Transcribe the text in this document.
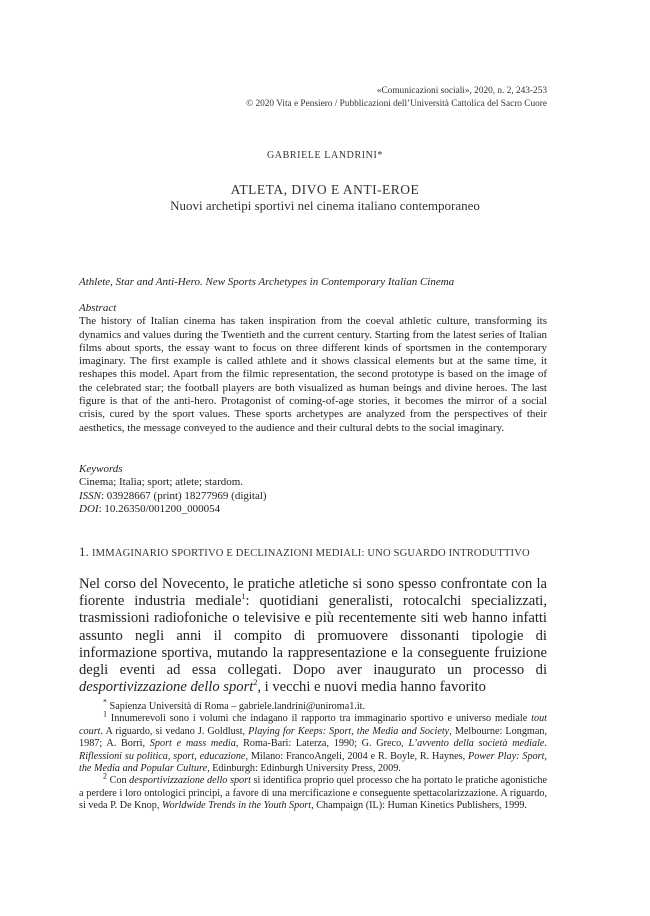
«Comunicazioni sociali», 2020, n. 2, 243-253
© 2020 Vita e Pensiero / Pubblicazioni dell’Università Cattolica del Sacro Cuore
GABRIELE LANDRINI*
ATLETA, DIVO E ANTI-EROE
Nuovi archetipi sportivi nel cinema italiano contemporaneo
Athlete, Star and Anti-Hero. New Sports Archetypes in Contemporary Italian Cinema
Abstract
The history of Italian cinema has taken inspiration from the coeval athletic culture, transforming its dynamics and values during the Twentieth and the current century. Starting from the latest series of Italian films about sports, the essay want to focus on three different kinds of sportsmen in the contemporary imaginary. The first example is called athlete and it shows classical elements but at the same time, it reshapes this model. Apart from the filmic representation, the second prototype is based on the image of the celebrated star; the football players are both visualized as human beings and divine heroes. The last figure is that of the anti-hero. Protagonist of coming-of-age stories, it becomes the mirror of a social crisis, cured by the sport values. These sports archetypes are analyzed from the perspectives of their aesthetics, the message conveyed to the audience and their cultural debts to the social imaginary.
Keywords
Cinema; Italia; sport; atlete; stardom.
ISSN: 03928667 (print) 18277969 (digital)
DOI: 10.26350/001200_000054
1. IMMAGINARIO SPORTIVO E DECLINAZIONI MEDIALI: UNO SGUARDO INTRODUTTIVO
Nel corso del Novecento, le pratiche atletiche si sono spesso confrontate con la fiorente industria mediale$^1$: quotidiani generalisti, rotocalchi specializzati, trasmissioni radiofoniche o televisive e più recentemente siti web hanno infatti assunto negli anni il compito di promuovere dissonanti tipologie di informazione sportiva, mutando la rappresentazione e la conseguente fruizione degli eventi ad essa collegati. Dopo aver inaugurato un processo di desportivizzazione dello sport$^2$, i vecchi e nuovi media hanno favorito

* Sapienza Università di Roma – gabriele.landrini@uniroma1.it.

$^1$ Innumerevoli sono i volumi che indagano il rapporto tra immaginario sportivo e universo mediale tout court. A riguardo, si vedano J. Goldlust, Playing for Keeps: Sport, the Media and Society, Melbourne: Longman, 1987; A. Borri, Sport e mass media, Roma-Bari: Laterza, 1990; G. Greco, L’avvento della società mediale. Riflessioni su politica, sport, educazione, Milano: FrancoAngeli, 2004 e R. Boyle, R. Haynes, Power Play: Sport, the Media and Popular Culture, Edinburgh: Edinburgh University Press, 2009.

$^2$ Con desportivizzazione dello sport si identifica proprio quel processo che ha portato le pratiche agonistiche a perdere i loro ontologici principi, a favore di una mercificazione e conseguente spettacolarizzazione. A riguardo, si veda P. De Knop, Worldwide Trends in the Youth Sport, Champaign (IL): Human Kinetics Publishers, 1999.
